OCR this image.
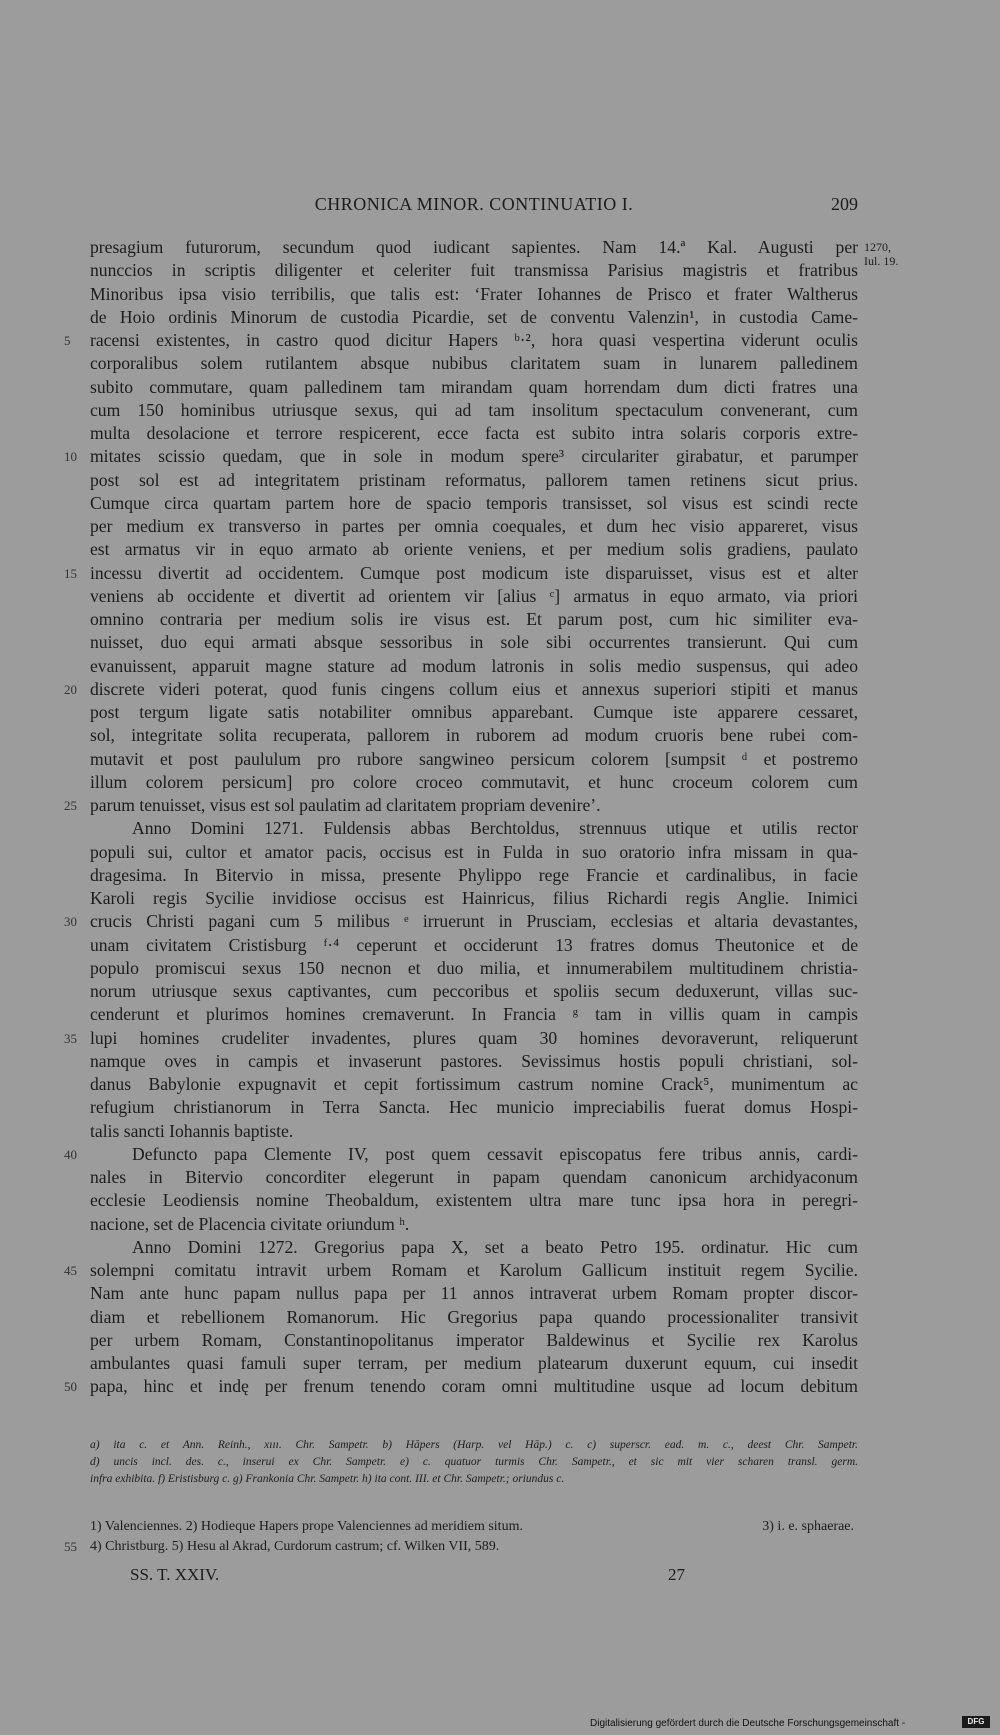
CHRONICA MINOR. CONTINUATIO I.	209
1270,
Iul. 19.
presagium futurorum, secundum quod iudicant sapientes. Nam 14.ª Kal. Augusti per
nunccios in scriptis diligenter et celeriter fuit transmissa Parisius magistris et fratribus
Minoribus ipsa visio terribilis, que talis est: ‘Frater Iohannes de Prisco et frater Waltherus
de Hoio ordinis Minorum de custodia Picardie, set de conventu Valenzin¹, in custodia Came-
5 racensi existentes, in castro quod dicitur Hapers ᵇ·², hora quasi vespertina viderunt oculis
corporalibus solem rutilantem absque nubibus claritatem suam in lunarem palledinem
subito commutare, quam palledinem tam mirandam quam horrendam dum dicti fratres una
cum 150 hominibus utriusque sexus, qui ad tam insolitum spectaculum convenerant, cum
multa desolacione et terrore respicerent, ecce facta est subito intra solaris corporis extre-
10 mitates scissio quedam, que in sole in modum spere³ circulariter girabatur, et parumper
post sol est ad integritatem pristinam reformatus, pallorem tamen retinens sicut prius.
Cumque circa quartam partem hore de spacio temporis transisset, sol visus est scindi recte
per medium ex transverso in partes per omnia coequales, et dum hec visio appareret, visus
est armatus vir in equo armato ab oriente veniens, et per medium solis gradiens, paulato
15 incessu divertit ad occidentem. Cumque post modicum iste disparuisset, visus est et alter
veniens ab occidente et divertit ad orientem vir [alius ᶜ] armatus in equo armato, via priori
omnino contraria per medium solis ire visus est. Et parum post, cum hic similiter eva-
nuisset, duo equi armati absque sessoribus in sole sibi occurrentes transierunt. Qui cum
evanuissent, apparuit magne stature ad modum latronis in solis medio suspensus, qui adeo
20 discrete videri poterat, quod funis cingens collum eius et annexus superiori stipiti et manus
post tergum ligate satis notabiliter omnibus apparebant. Cumque iste apparere cessaret,
sol, integritate solita recuperata, pallorem in ruborem ad modum cruoris bene rubei com-
mutavit et post paululum pro rubore sangwineo persicum colorem [sumpsit ᵈ et postremo
illum colorem persicum] pro colore croceo commutavit, et hunc croceum colorem cum
25 parum tenuisset, visus est sol paulatim ad claritatem propriam devenire’.
Anno Domini 1271. Fuldensis abbas Berchtoldus, strennuus utique et utilis rector
populi sui, cultor et amator pacis, occisus est in Fulda in suo oratorio infra missam in qua-
dragesima. In Bitervio in missa, presente Phylippo rege Francie et cardinalibus, in facie
Karoli regis Sycilie invidiose occisus est Hainricus, filius Richardi regis Anglie. Inimici
30 crucis Christi pagani cum 5 milibus ᵉ irruerunt in Prusciam, ecclesias et altaria devastantes,
unam civitatem Cristisburg ᶠ·⁴ ceperunt et occiderunt 13 fratres domus Theutonice et de
populo promiscui sexus 150 necnon et duo milia, et innumerabilem multitudinem christia-
norum utriusque sexus captivantes, cum peccoribus et spoliis secum deduxerunt, villas suc-
cenderunt et plurimos homines cremaverunt. In Francia ᵍ tam in villis quam in campis
35 lupi homines crudeliter invadentes, plures quam 30 homines devoraverunt, reliquerunt
namque oves in campis et invaserunt pastores. Sevissimus hostis populi christiani, sol-
danus Babylonie expugnavit et cepit fortissimum castrum nomine Crack⁵, munimentum ac
refugium christianorum in Terra Sancta. Hec municio impreciabilis fuerat domus Hospi-
talis sancti Iohannis baptiste.
40	Defuncto papa Clemente IV, post quem cessavit episcopatus fere tribus annis, cardi-
nales in Bitervio concorditer elegerunt in papam quendam canonicum archidyaconum
ecclesie Leodiensis nomine Theobaldum, existentem ultra mare tunc ipsa hora in peregri-
nacione, set de Placencia civitate oriundum ʰ.
Anno Domini 1272. Gregorius papa X, set a beato Petro 195. ordinatur. Hic cum
45 solempni comitatu intravit urbem Romam et Karolum Gallicum instituit regem Sycilie.
Nam ante hunc papam nullus papa per 11 annos intraverat urbem Romam propter discor-
diam et rebellionem Romanorum. Hic Gregorius papa quando processionaliter transivit
per urbem Romam, Constantinopolitanus imperator Baldewinus et Sycilie rex Karolus
ambulantes quasi famuli super terram, per medium platearum duxerunt equum, cui insedit
50 papa, hinc et indę per frenum tenendo coram omni multitudine usque ad locum debitum
a) ita c. et Ann. Reinh., xııı. Chr. Sampetr. b) Hāpers (Harp. vel Hāp.) c. c) superscr. ead. m. c., deest Chr. Sampetr.
d) uncis incl. des. c., inserui ex Chr. Sampetr. e) c. quatuor turmis Chr. Sampetr., et sic mit vier scharen transl. germ.
infra exhibita. f) Eristisburg c. g) Frankonia Chr. Sampetr. h) ita cont. III. et Chr. Sampetr.; oriundus c.
1) Valenciennes. 2) Hodieque Hapers prope Valenciennes ad meridiem situm.	3) i. e. sphaerae.
55 4) Christburg. 5) Hesu al Akrad, Curdorum castrum; cf. Wilken VII, 589.
SS. T. XXIV.	27
Digitalisierung gefördert durch die Deutsche Forschungsgemeinschaft -	DFG
